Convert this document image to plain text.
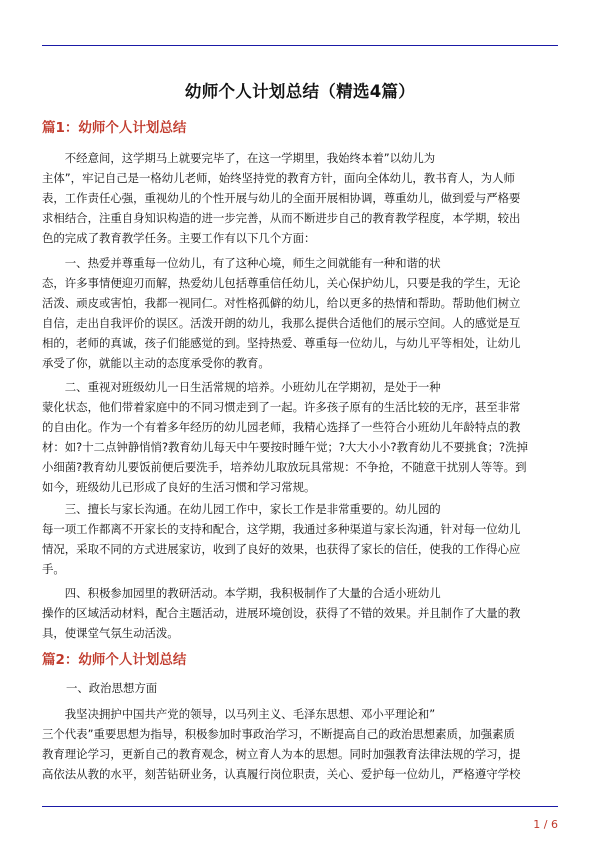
幼师个人计划总结（精选4篇）
篇1：幼师个人计划总结
　　不经意间，这学期马上就要完毕了，在这一学期里，我始终本着”以幼儿为
主体”，牢记自己是一格幼儿老师，始终坚持党的教育方针，面向全体幼儿，教书育人，为人师
表，工作责任心强，重视幼儿的个性开展与幼儿的全面开展相协调，尊重幼儿，做到爱与严格要
求相结合，注重自身知识构造的进一步完善，从而不断进步自己的教育教学程度，本学期，较出
色的完成了教育教学任务。主要工作有以下几个方面：
　　一、热爱并尊重每一位幼儿，有了这种心境，师生之间就能有一种和谐的状
态，许多事情便迎刃而解，热爱幼儿包括尊重信任幼儿，关心保护幼儿，只要是我的学生，无论
活泼、顽皮或害怕，我都一视同仁。对性格孤僻的幼儿，给以更多的热情和帮助。帮助他们树立
自信，走出自我评价的误区。活泼开朗的幼儿，我那么提供合适他们的展示空间。人的感觉是互
相的，老师的真诚，孩子们能感觉的到。坚持热爱、尊重每一位幼儿，与幼儿平等相处，让幼儿
承受了你，就能以主动的态度承受你的教育。
　　二、重视对班级幼儿一日生活常规的培养。小班幼儿在学期初，是处于一种
蒙化状态，他们带着家庭中的不同习惯走到了一起。许多孩子原有的生活比较的无序，甚至非常
的自由化。作为一个有着多年经历的幼儿园老师，我精心选择了一些符合小班幼儿年龄特点的教
材：如?十二点钟静悄悄?教育幼儿每天中午要按时睡午觉；?大大小小?教育幼儿不要挑食；?洗掉
小细菌?教育幼儿要饭前便后要洗手，培养幼儿取放玩具常规：不争抢，不随意干扰别人等等。到
如今，班级幼儿已形成了良好的生活习惯和学习常规。
　　三、擅长与家长沟通。在幼儿园工作中，家长工作是非常重要的。幼儿园的
每一项工作都离不开家长的支持和配合，这学期，我通过多种渠道与家长沟通，针对每一位幼儿
情况，采取不同的方式进展家访，收到了良好的效果，也获得了家长的信任，使我的工作得心应
手。
　　四、积极参加园里的教研活动。本学期，我积极制作了大量的合适小班幼儿
操作的区域活动材料，配合主题活动，进展环境创设，获得了不错的效果。并且制作了大量的教
具，使课堂气氛生动活泼。
篇2：幼师个人计划总结
一、政治思想方面
　　我坚决拥护中国共产党的领导，以马列主义、毛泽东思想、邓小平理论和”
三个代表”重要思想为指导，积极参加时事政治学习，不断提高自己的政治思想素质，加强素质
教育理论学习，更新自己的教育观念，树立育人为本的思想。同时加强教育法律法规的学习，提
高依法从教的水平，刻苦钻研业务，认真履行岗位职责，关心、爱护每一位幼儿，严格遵守学校
1 / 6
